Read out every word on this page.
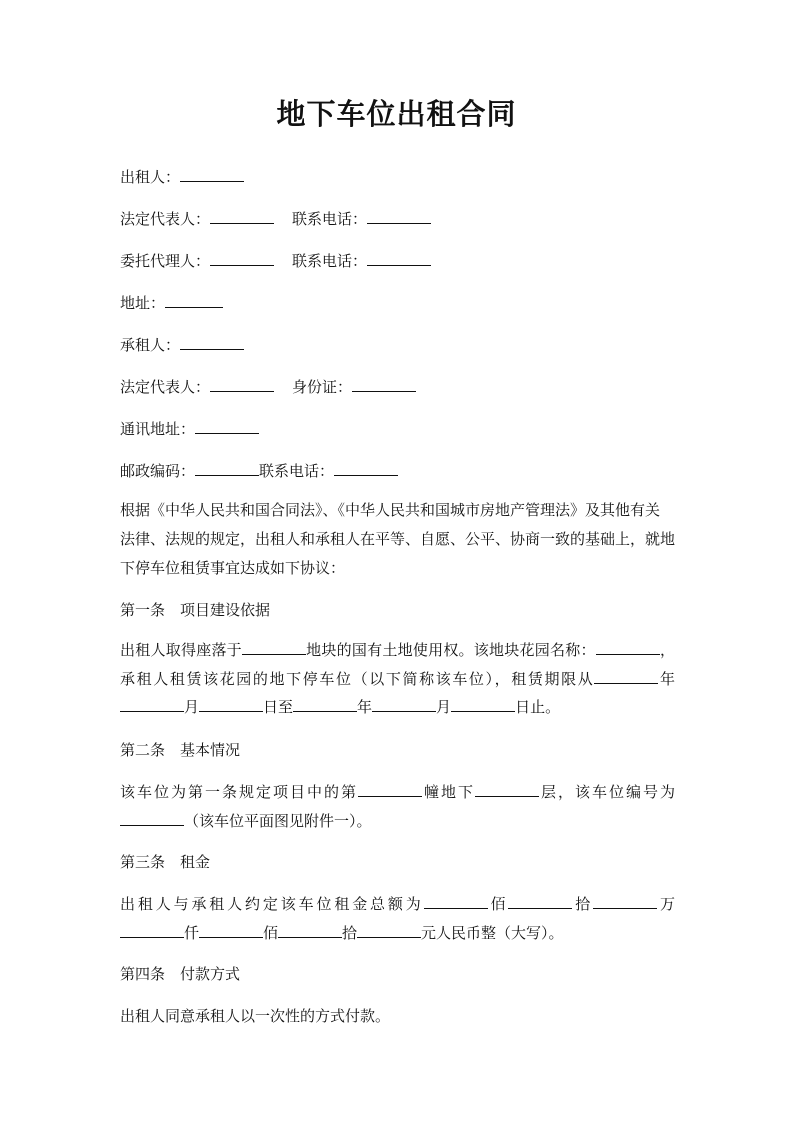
地下车位出租合同

出租人：

法定代表人：	联系电话：

委托代理人：	联系电话：

地址：

承租人：

法定代表人：	身份证：

通讯地址：

邮政编码：	联系电话：

根据《中华人民共和国合同法》、《中华人民共和国城市房地产管理法》及其他有关

法律、法规的规定，出租人和承租人在平等、自愿、公平、协商一致的基础上，就地

下停车位租赁事宜达成如下协议：

第一条　项目建设依据

出租人取得座落于	地块的国有土地使用权。该地块花园名称：	，承租人租赁该花园的地下停车位（以下简称该车位），租赁期限从	年月	日至	年	月	日止。

第二条　基本情况

该车位为第一条规定项目中的第	幢地下	层，该车位编号为（该车位平面图见附件一）。

第三条　租金

出租人与承租人约定该车位租金总额为	佰	拾	万仟	佰	拾	元人民币整（大写）。

第四条　付款方式

出租人同意承租人以一次性的方式付款。
